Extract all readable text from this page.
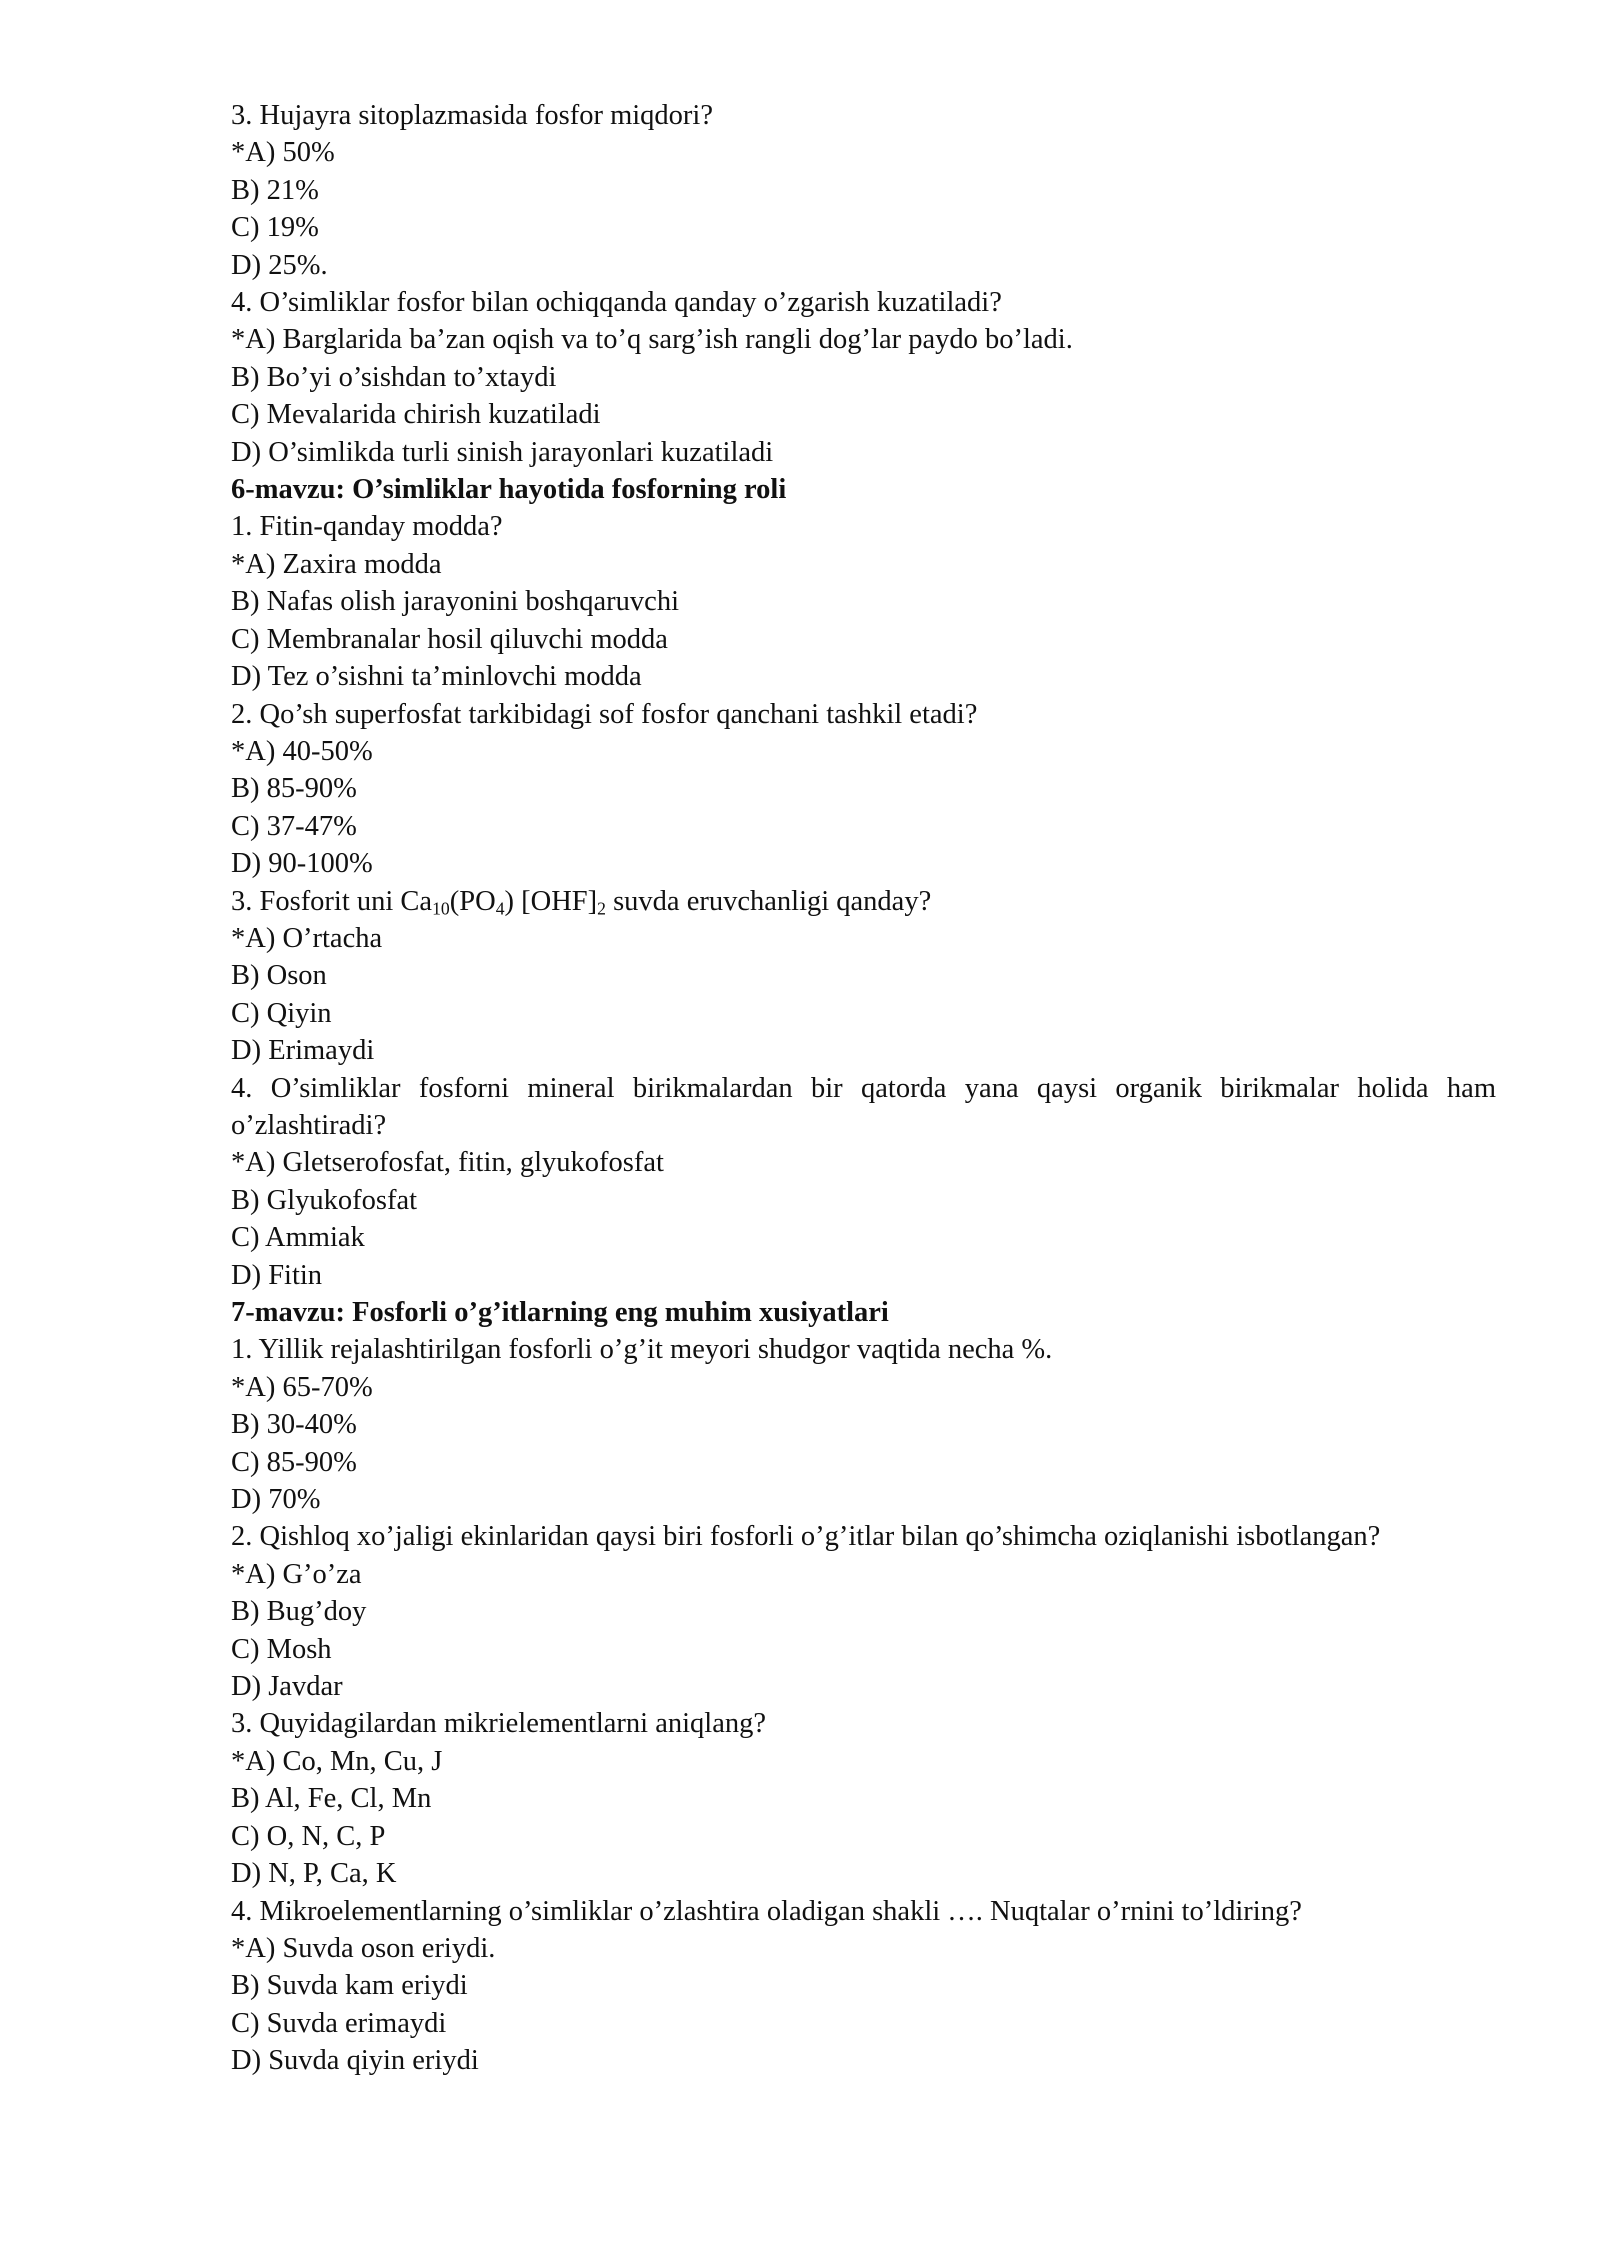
3. Hujayra sitoplazmasida fosfor miqdori?
*A) 50%
B) 21%
C) 19%
D) 25%.
4. O’simliklar fosfor bilan ochiqqanda qanday o’zgarish kuzatiladi?
*A) Barglarida ba’zan oqish va to’q sarg’ish rangli dog’lar paydo bo’ladi.
B) Bo’yi o’sishdan to’xtaydi
C) Mevalarida chirish kuzatiladi
D) O’simlikda turli sinish jarayonlari kuzatiladi
6-mavzu: O’simliklar hayotida fosforning roli
1. Fitin-qanday modda?
*A) Zaxira modda
B) Nafas olish jarayonini boshqaruvchi
C) Membranalar hosil qiluvchi modda
D) Tez o’sishni ta’minlovchi modda
2. Qo’sh superfosfat tarkibidagi sof fosfor qanchani tashkil etadi?
*A) 40-50%
B) 85-90%
C) 37-47%
D) 90-100%
3. Fosforit uni $Ca_{10}(PO_4)$ $[OHF]_2$ suvda eruvchanligi qanday?
*A) O’rtacha
B) Oson
C) Qiyin
D) Erimaydi
4. O’simliklar fosforni mineral birikmalardan bir qatorda yana qaysi organik birikmalar holida ham o’zlashtiradi?
*A) Gletserofosfat, fitin, glyukofosfat
B) Glyukofosfat
C) Ammiak
D) Fitin
7-mavzu: Fosforli o’g’itlarning eng muhim xusiyatlari
1. Yillik rejalashtirilgan fosforli o’g’it meyori shudgor vaqtida necha %.
*A) 65-70%
B) 30-40%
C) 85-90%
D) 70%
2. Qishloq xo’jaligi ekinlaridan qaysi biri fosforli o’g’itlar bilan qo’shimcha oziqlanishi isbotlangan?
*A) G’o’za
B) Bug’doy
C) Mosh
D) Javdar
3. Quyidagilardan mikrielementlarni aniqlang?
*A) Co, Mn, Cu, J
B) Al, Fe, Cl, Mn
C) O, N, C, P
D) N, P, Ca, K
4. Mikroelementlarning o’simliklar o’zlashtira oladigan shakli …. Nuqtalar o’rnini to’ldiring?
*A) Suvda oson eriydi.
B) Suvda kam eriydi
C) Suvda erimaydi
D) Suvda qiyin eriydi
